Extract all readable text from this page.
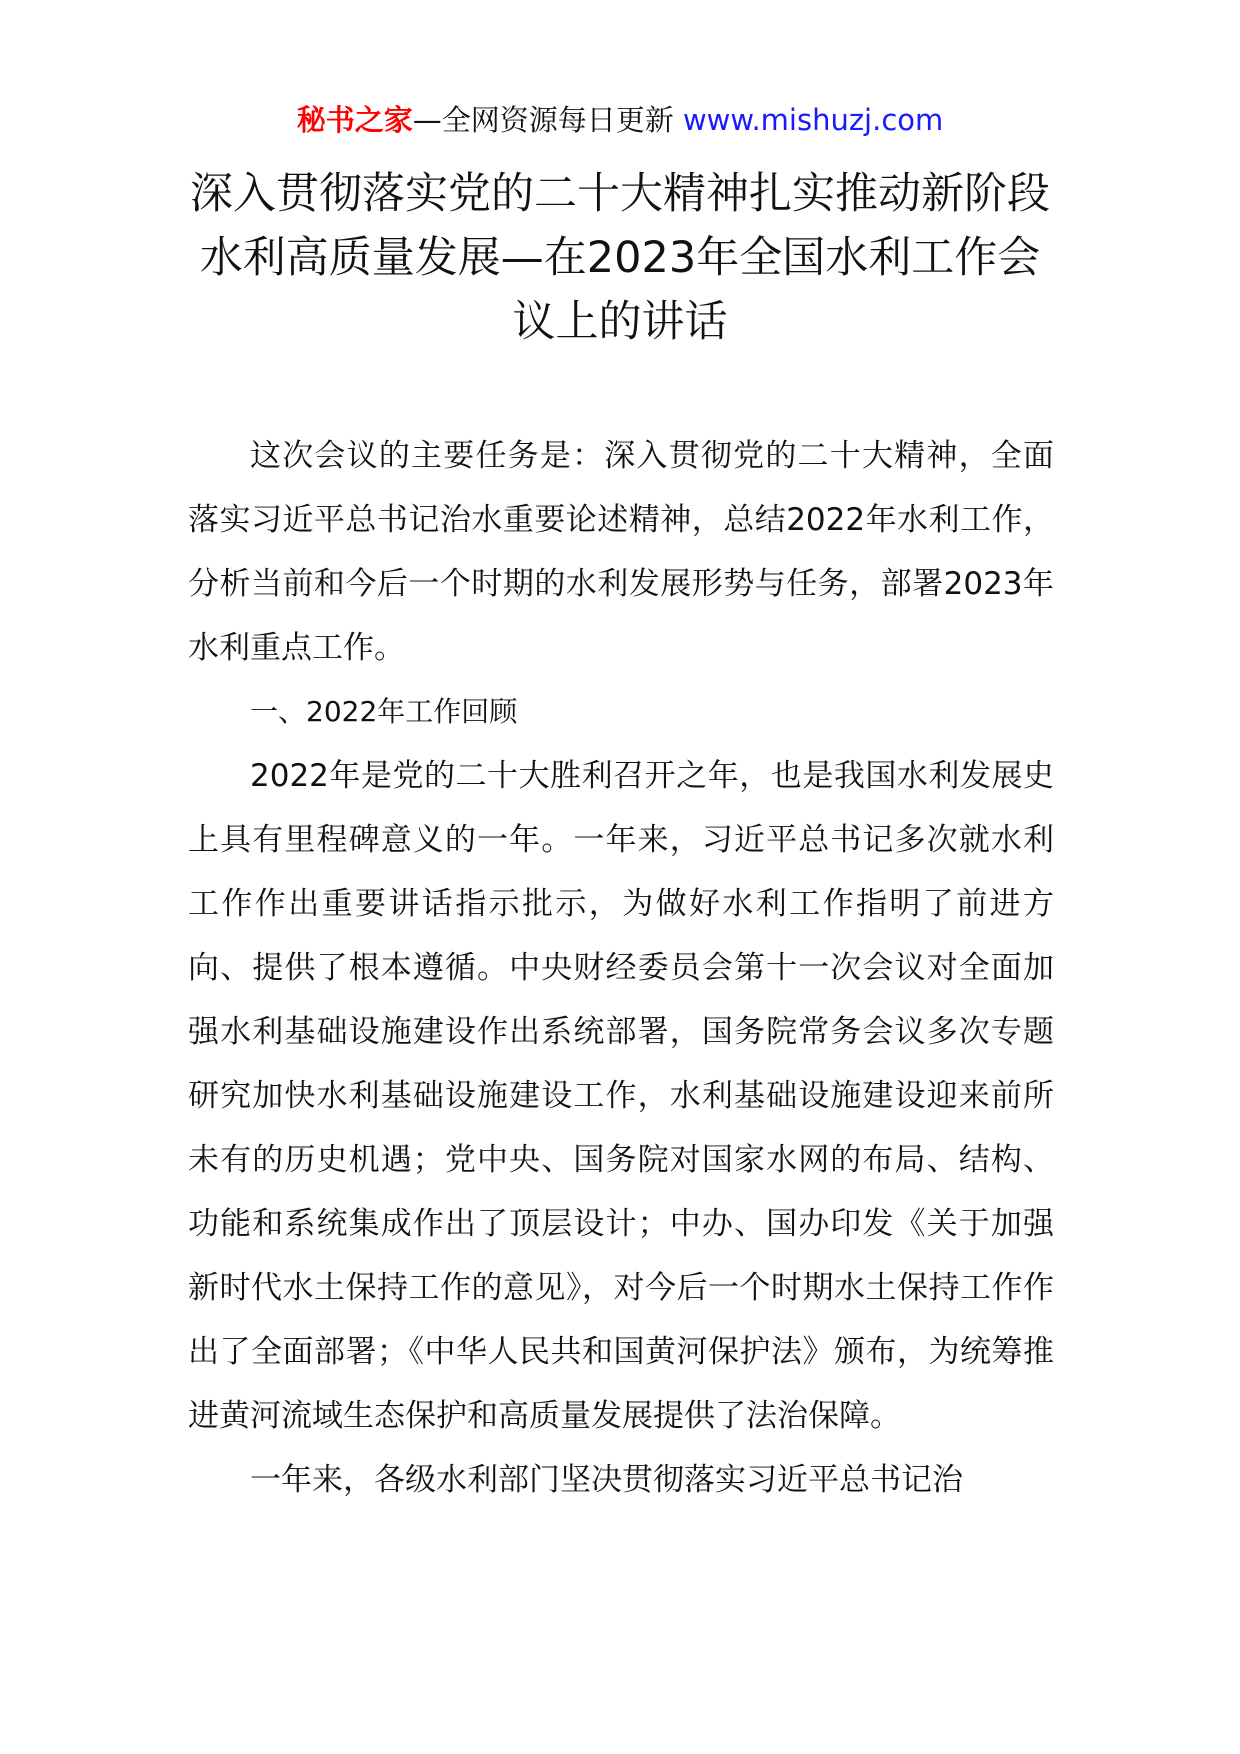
秘书之家—全网资源每日更新 www.mishuzj.com
深入贯彻落实党的二十大精神扎实推动新阶段水利高质量发展—在2023年全国水利工作会议上的讲话

这次会议的主要任务是：深入贯彻党的二十大精神，全面落实习近平总书记治水重要论述精神，总结2022年水利工作，分析当前和今后一个时期的水利发展形势与任务，部署2023年水利重点工作。

一、2022年工作回顾

2022年是党的二十大胜利召开之年，也是我国水利发展史上具有里程碑意义的一年。一年来，习近平总书记多次就水利工作作出重要讲话指示批示，为做好水利工作指明了前进方向、提供了根本遵循。中央财经委员会第十一次会议对全面加强水利基础设施建设作出系统部署，国务院常务会议多次专题研究加快水利基础设施建设工作，水利基础设施建设迎来前所未有的历史机遇；党中央、国务院对国家水网的布局、结构、功能和系统集成作出了顶层设计；中办、国办印发《关于加强新时代水土保持工作的意见》，对今后一个时期水土保持工作作出了全面部署；《中华人民共和国黄河保护法》颁布，为统筹推进黄河流域生态保护和高质量发展提供了法治保障。

一年来，各级水利部门坚决贯彻落实习近平总书记治
